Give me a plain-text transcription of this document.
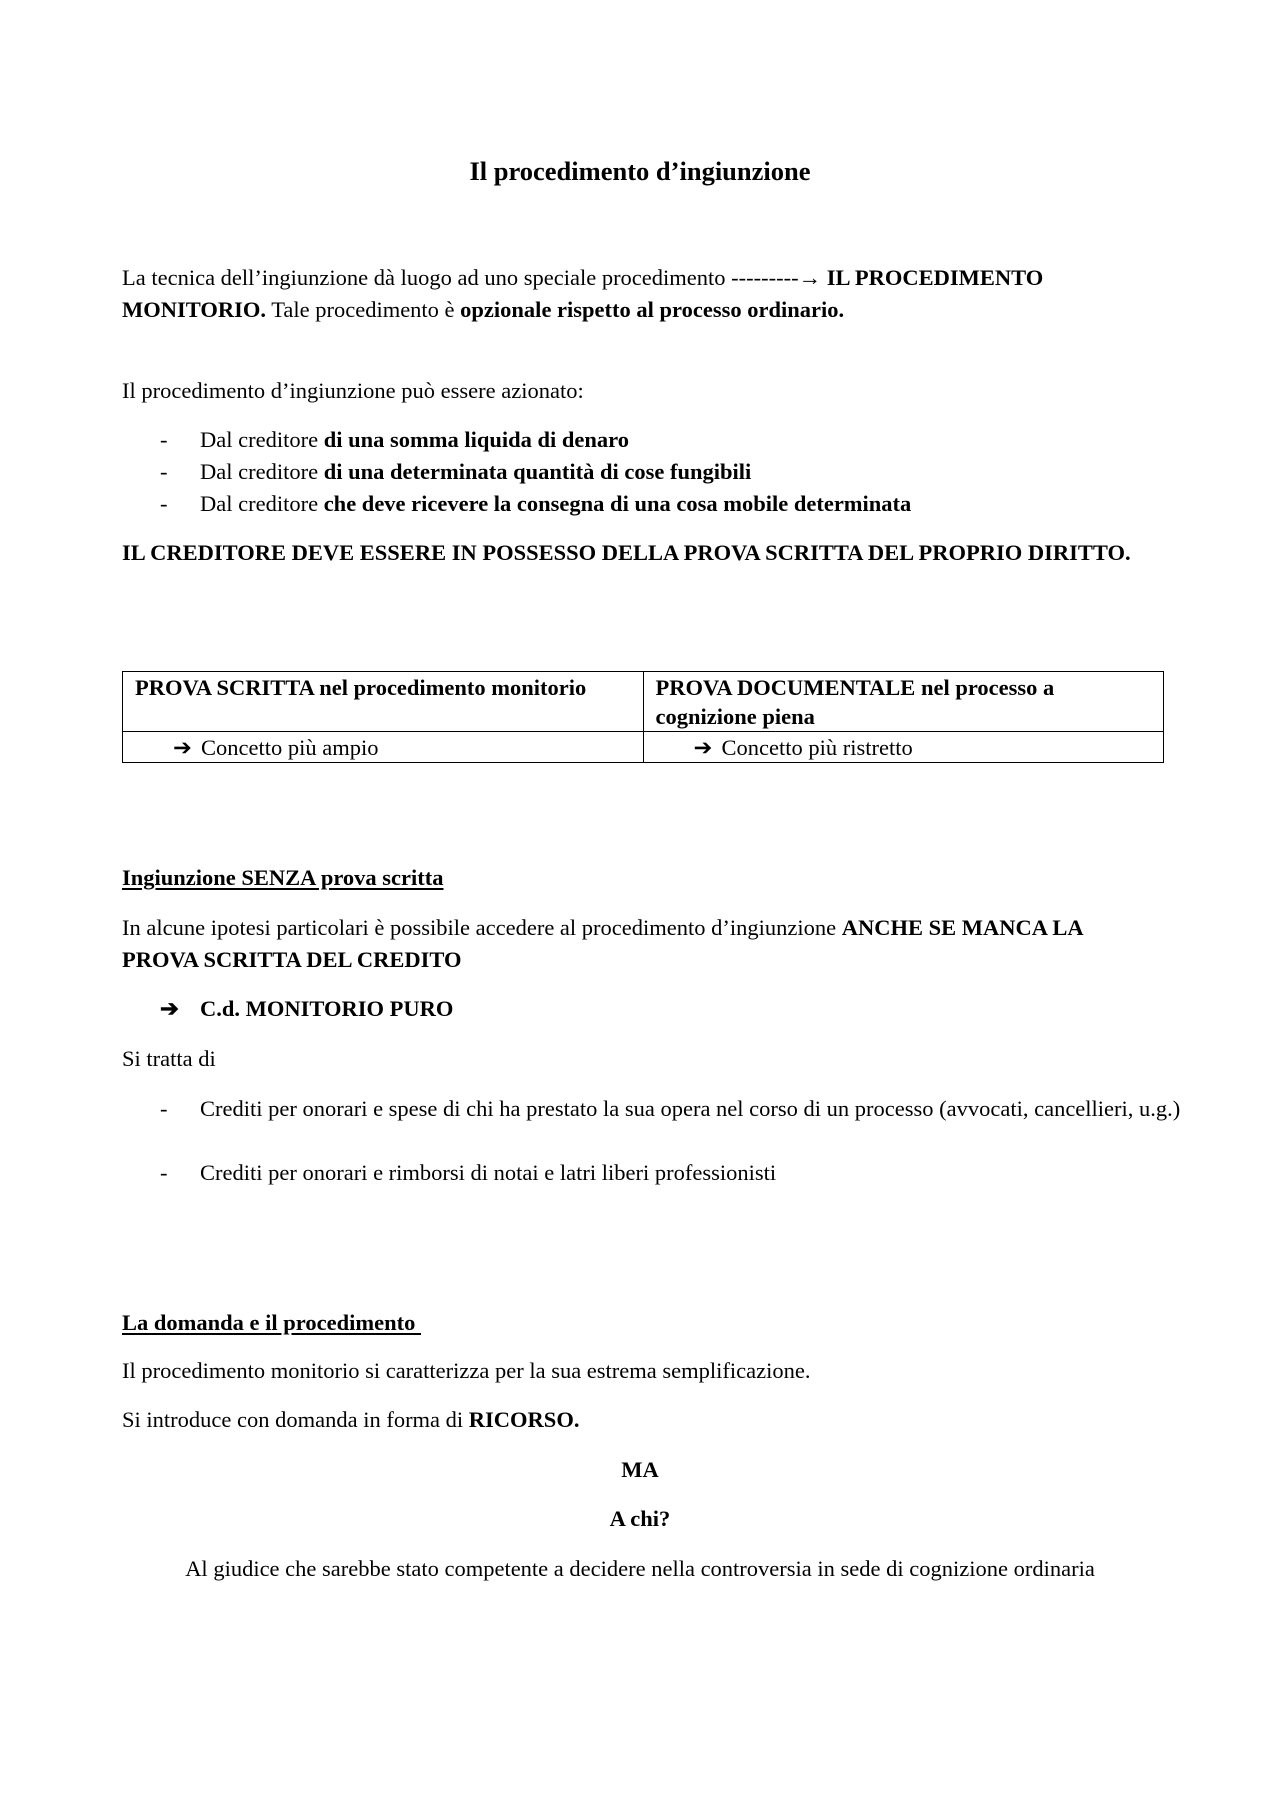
Il procedimento d’ingiunzione

La tecnica dell’ingiunzione dà luogo ad uno speciale procedimento ---------→ IL PROCEDIMENTO MONITORIO. Tale procedimento è opzionale rispetto al processo ordinario.

Il procedimento d’ingiunzione può essere azionato:

- Dal creditore di una somma liquida di denaro
- Dal creditore di una determinata quantità di cose fungibili
- Dal creditore che deve ricevere la consegna di una cosa mobile determinata

IL CREDITORE DEVE ESSERE IN POSSESSO DELLA PROVA SCRITTA DEL PROPRIO DIRITTO.

PROVA SCRITTA nel procedimento monitorio	PROVA DOCUMENTALE nel processo a cognizione piena
➔ Concetto più ampio	➔ Concetto più ristretto

Ingiunzione SENZA prova scritta

In alcune ipotesi particolari è possibile accedere al procedimento d’ingiunzione ANCHE SE MANCA LA PROVA SCRITTA DEL CREDITO

➔ C.d. MONITORIO PURO

Si tratta di

- Crediti per onorari e spese di chi ha prestato la sua opera nel corso di un processo (avvocati, cancellieri, u.g.)
- Crediti per onorari e rimborsi di notai e latri liberi professionisti

La domanda e il procedimento

Il procedimento monitorio si caratterizza per la sua estrema semplificazione.

Si introduce con domanda in forma di RICORSO.

MA
A chi?
Al giudice che sarebbe stato competente a decidere nella controversia in sede di cognizione ordinaria
